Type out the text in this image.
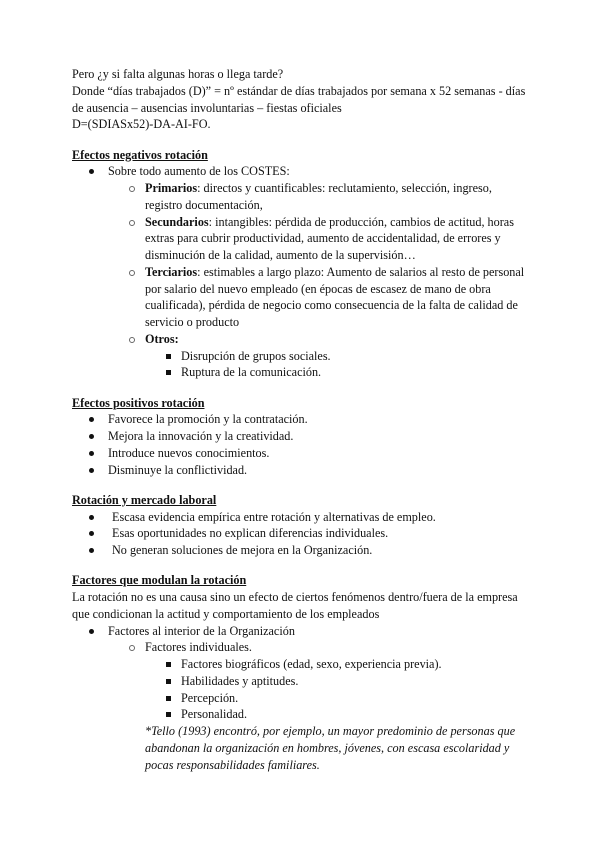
Pero ¿y si falta algunas horas o llega tarde?
Donde “días trabajados (D)” = nº estándar de días trabajados por semana x 52 semanas - días
de ausencia – ausencias involuntarias – fiestas oficiales
D=(SDIASx52)-DA-AI-FO.
Efectos negativos rotación
Sobre todo aumento de los COSTES:
Primarios: directos y cuantificables: reclutamiento, selección, ingreso,
registro documentación,
Secundarios: intangibles: pérdida de producción, cambios de actitud, horas
extras para cubrir productividad, aumento de accidentalidad, de errores y
disminución de la calidad, aumento de la supervisión…
Terciarios: estimables a largo plazo: Aumento de salarios al resto de personal
por salario del nuevo empleado (en épocas de escasez de mano de obra
cualificada), pérdida de negocio como consecuencia de la falta de calidad de
servicio o producto
Otros:
Disrupción de grupos sociales.
Ruptura de la comunicación.
Efectos positivos rotación
Favorece la promoción y la contratación.
Mejora la innovación y la creatividad.
Introduce nuevos conocimientos.
Disminuye la conflictividad.
Rotación y mercado laboral
Escasa evidencia empírica entre rotación y alternativas de empleo.
Esas oportunidades no explican diferencias individuales.
No generan soluciones de mejora en la Organización.
Factores que modulan la rotación
La rotación no es una causa sino un efecto de ciertos fenómenos dentro/fuera de la empresa
que condicionan la actitud y comportamiento de los empleados
Factores al interior de la Organización
Factores individuales.
Factores biográficos (edad, sexo, experiencia previa).
Habilidades y aptitudes.
Percepción.
Personalidad.
*Tello (1993) encontró, por ejemplo, un mayor predominio de personas que
abandonan la organización en hombres, jóvenes, con escasa escolaridad y
pocas responsabilidades familiares.
